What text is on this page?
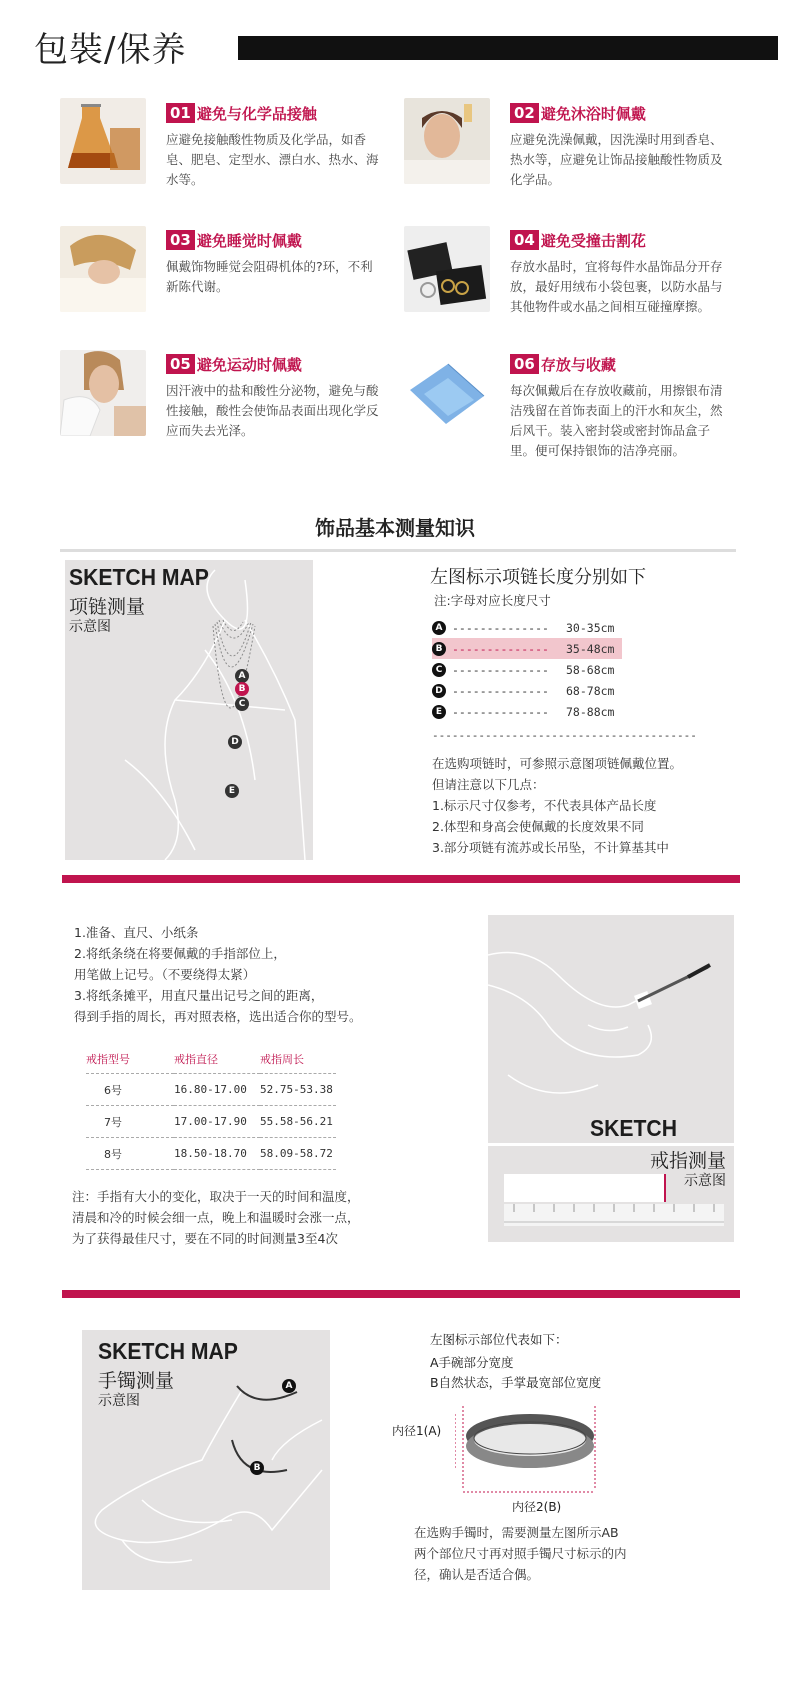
包裝/保养
01 避免与化学品接触
应避免接触酸性物质及化学品，如香皂、肥皂、定型水、漂白水、热水、海水等。
02 避免沐浴时佩戴
应避免洗澡佩戴，因洗澡时用到香皂、热水等，应避免让饰品接触酸性物质及化学品。
03 避免睡觉时佩戴
佩戴饰物睡觉会阻碍机体的?环，不利新陈代谢。
04 避免受撞击割花
存放水晶时，宜将每件水晶饰品分开存放，最好用绒布小袋包裹，以防水晶与其他物件或水晶之间相互碰撞摩擦。
05 避免运动时佩戴
因汗液中的盐和酸性分泌物，避免与酸性接触，酸性会使饰品表面出现化学反应而失去光泽。
06 存放与收藏
每次佩戴后在存放收藏前，用擦银布清洁残留在首饰表面上的汗水和灰尘，然后风干。装入密封袋或密封饰品盒子里。便可保持银饰的洁净亮丽。
饰品基本测量知识
SKETCH MAP
项链测量
示意图
A
B
C
D
E
左图标示项链长度分别如下
注:字母对应长度尺寸
A --------------	30-35cm
B --------------	35-48cm
C --------------	58-68cm
D --------------	68-78cm
E --------------	78-88cm
----------------------------------------
在选购项链时，可参照示意图项链佩戴位置。
但请注意以下几点：
1.标示尺寸仅参考，不代表具体产品长度
2.体型和身高会使佩戴的长度效果不同
3.部分项链有流苏或长吊坠，不计算基其中
1.准备、直尺、小纸条
2.将纸条绕在将要佩戴的手指部位上，
用笔做上记号。（不要绕得太紧）
3.将纸条摊平，用直尺量出记号之间的距离，
得到手指的周长，再对照表格，选出适合你的型号。
戒指型号	戒指直径	戒指周长
6号	16.80-17.00	52.75-53.38
7号	17.00-17.90	55.58-56.21
8号	18.50-18.70	58.09-58.72
注：手指有大小的变化，取决于一天的时间和温度，
清晨和冷的时候会细一点，晚上和温暖时会涨一点，
为了获得最佳尺寸，要在不同的时间测量3至4次
SKETCH
戒指测量
示意图
SKETCH MAP
手镯测量
示意图
A
B
左图标示部位代表如下：
A手碗部分宽度
B自然状态，手掌最宽部位宽度
内径1(A)
内径2(B)
在选购手镯时，需要测量左图所示AB
两个部位尺寸再对照手镯尺寸标示的内
径，确认是否适合偶。
